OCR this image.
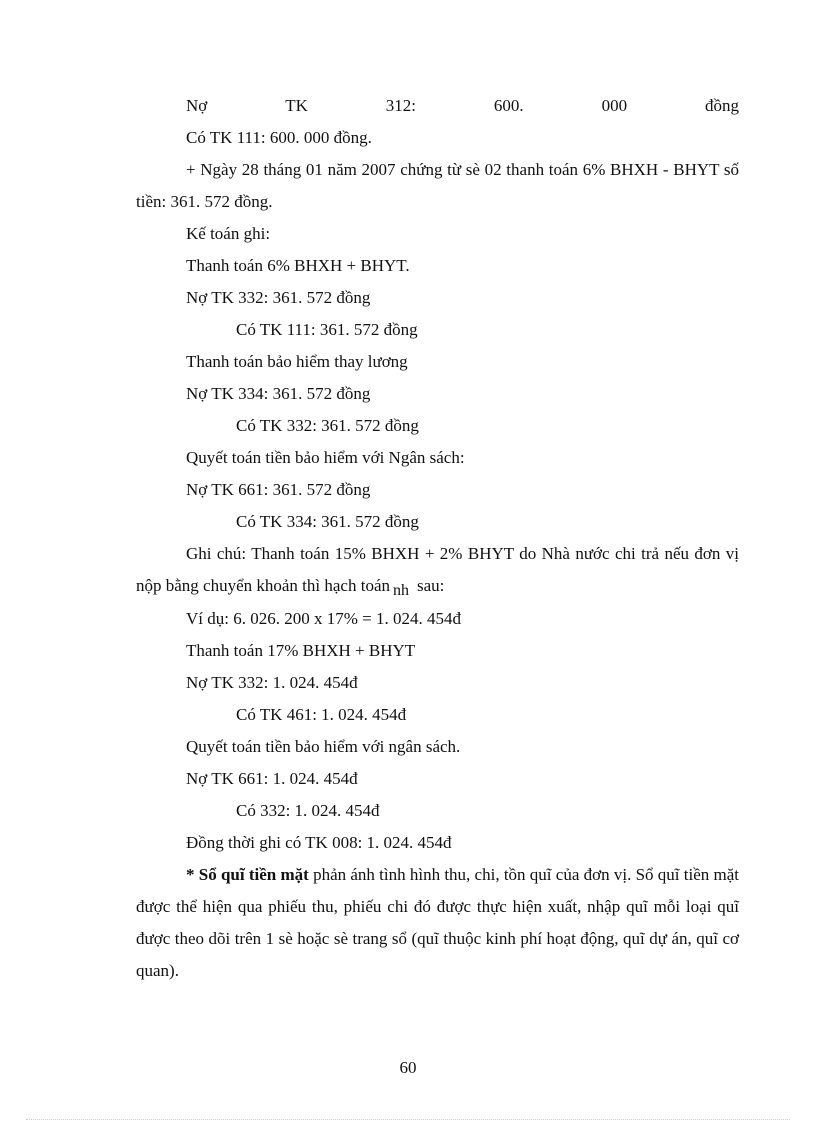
Nợ	TK	312:	600.	000	đồng
Có TK 111: 600. 000 đồng.
+ Ngày 28 tháng 01 năm 2007 chứng từ sè 02 thanh toán 6% BHXH - BHYT số tiền: 361. 572 đồng.
Kế toán ghi:
Thanh toán 6% BHXH + BHYT.
Nợ TK 332: 361. 572 đồng
Có TK 111: 361. 572 đồng
Thanh toán bảo hiểm thay lương
Nợ TK 334: 361. 572 đồng
Có TK 332: 361. 572 đồng
Quyết toán tiền bảo hiểm với Ngân sách:
Nợ TK 661: 361. 572 đồng
Có TK 334: 361. 572 đồng
Ghi chú: Thanh toán 15% BHXH + 2% BHYT do Nhà nước chi trả nếu đơn vị nộp bằng chuyển khoản thì hạch toán nh sau:
Ví dụ: 6. 026. 200 x 17% = 1. 024. 454đ
Thanh toán 17% BHXH + BHYT
Nợ TK 332: 1. 024. 454đ
Có TK 461: 1. 024. 454đ
Quyết toán tiền bảo hiểm với ngân sách.
Nợ TK 661: 1. 024. 454đ
Có 332: 1. 024. 454đ
Đồng thời ghi có TK 008: 1. 024. 454đ
* Sổ quĩ tiền mặt phản ánh tình hình thu, chi, tồn quĩ của đơn vị. Sổ quĩ tiền mặt được thể hiện qua phiếu thu, phiếu chi đó được thực hiện xuất, nhập quĩ mỗi loại quĩ được theo dõi trên 1 sè hoặc sè trang sổ (quĩ thuộc kinh phí hoạt động, quĩ dự án, quĩ cơ quan).
60
